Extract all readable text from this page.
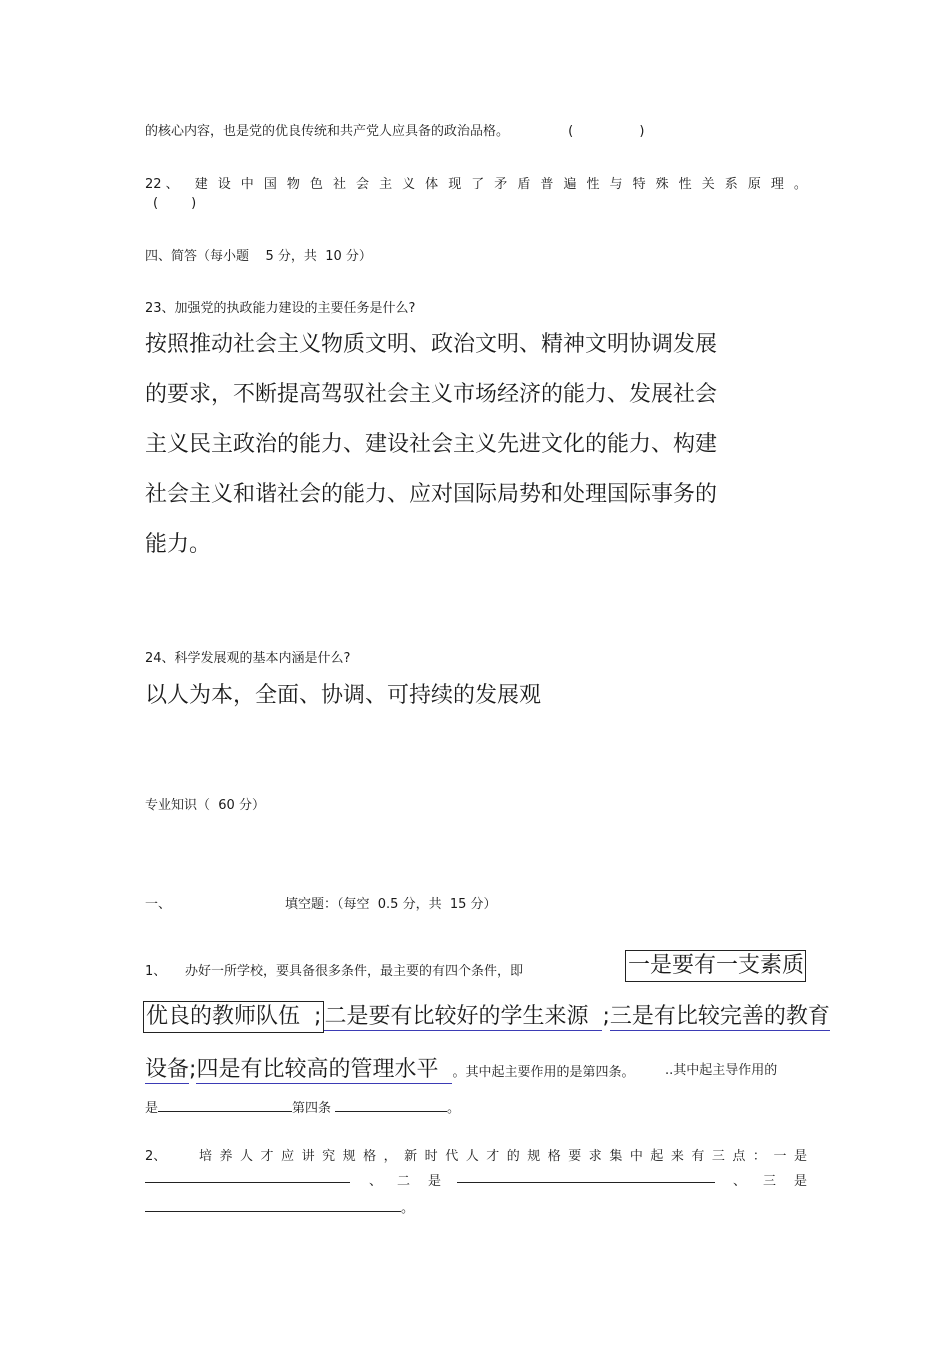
的核心内容，也是党的优良传统和共产党人应具备的政治品格。	(                )
22 、 建 设 中 国 物 色 社 会 主 义 体 现 了 矛 盾 普 遍 性 与 特 殊 性 关 系 原 理 。
(        )
四、简答（每小题    5 分，共  10 分）
23、加强党的执政能力建设的主要任务是什么?
按照推动社会主义物质文明、政治文明、精神文明协调发展
的要求，不断提高驾驭社会主义市场经济的能力、发展社会
主义民主政治的能力、建设社会主义先进文化的能力、构建
社会主义和谐社会的能力、应对国际局势和处理国际事务的
能力。
24、科学发展观的基本内涵是什么?
以人为本，全面、协调、可持续的发展观
专业知识（  60 分）
一、	填空题：（每空  0.5 分，共  15 分）
1、 办好一所学校，要具备很多条件，最主要的有四个条件，即	一是要有一支素质
优良的教师队伍 ; 二是要有比较好的学生来源 ;三是有比较完善的教育
设备;四是有比较高的管理水平 。其中起主要作用的是第四条。 ..其中起主导作用的
是	第四条	。
2、	培 养 人 才 应 讲 究 规 格 ， 新 时 代 人 才 的 规 格 要 求 集 中 起 来 有 三 点 ： 一 是
、 二是	、 三是
。
